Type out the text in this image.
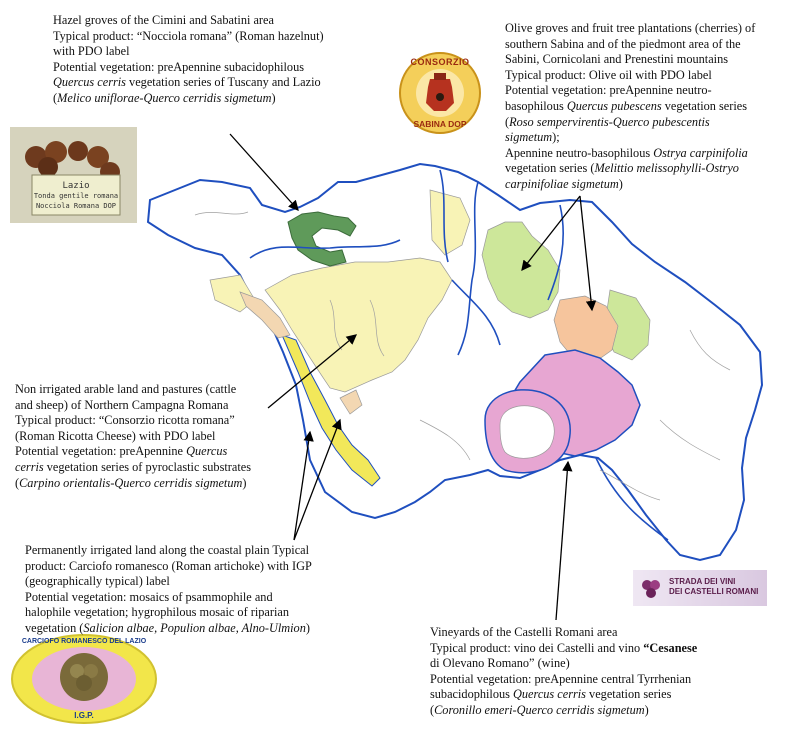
Lazio
Tonda gentile romana
Nocciola Romana DOP
CONSORZIO
SABINA DOP
STRADA DEI VINI
DEI CASTELLI ROMANI
CARCIOFO ROMANESCO DEL LAZIO
I.G.P.

Hazel groves of the Cimini and Sabatini area

Typical product: “Nocciola romana” (Roman hazelnut)

with PDO label

Potential vegetation: preApennine subacidophilous

Quercus cerris vegetation series of Tuscany and Lazio

(Melico uniflorae-Querco cerridis sigmetum)

Olive groves and fruit tree plantations (cherries) of

southern Sabina and of the piedmont area of the

Sabini, Cornicolani and Prenestini mountains

Typical product: Olive oil with PDO label

Potential vegetation: preApennine neutro-

basophilous Quercus pubescens vegetation series

(Roso sempervirentis-Querco pubescentis

sigmetum);

Apennine neutro-basophilous Ostrya carpinifolia

vegetation series (Melittio melissophylli-Ostryo

carpinifoliae sigmetum)

Non irrigated arable land and pastures (cattle

and sheep) of Northern Campagna Romana

Typical product: “Consorzio ricotta romana”

(Roman Ricotta Cheese) with PDO label

Potential vegetation: preApennine Quercus

cerris vegetation series of pyroclastic substrates

(Carpino orientalis-Querco cerridis sigmetum)

Permanently irrigated land along the coastal plain Typical

product: Carciofo romanesco (Roman artichoke) with IGP

(geographically typical) label

Potential vegetation: mosaics of psammophile and

halophile vegetation; hygrophilous mosaic of riparian

vegetation (Salicion albae, Populion albae, Alno-Ulmion)	Vineyards of the Castelli Romani area

Typical product: vino dei Castelli and vino “Cesanese

di Olevano Romano” (wine)

Potential vegetation: preApennine central Tyrrhenian

subacidophilous Quercus cerris vegetation series

(Coronillo emeri-Querco cerridis sigmetum)
